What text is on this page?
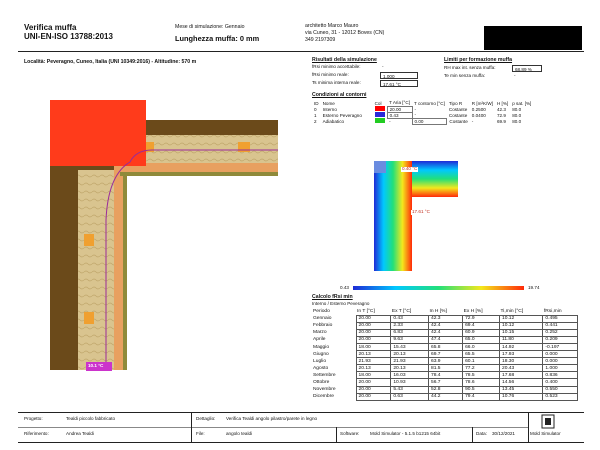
Verifica muffa
UNI-EN-ISO 13788:2013
Mese di simulazione: Gennaio
Lunghezza muffa: 0 mm
architetto Marco Mauro
via Cuneo, 31 - 12012 Boves (CN)
349 2197309
Località: Peveragno, Cuneo, Italia (UNI 10349:2016) - Altitudine: 570 m	Risultati della simulazione
fRsi minimo accettabile:	-
fRsi minimo reale:	1.000
Ts minima interna reale:	17.61 °C
Limiti per formazione muffa
RH max int. senza muffa:	68.89 %
Te min senza muffa:	-
Condizioni al contorni
ID	Nome	Col	T Aria [°C]	T contorno [°C]	Tipo R	R [m²K/W]	H [%]	p sat. [%]
0	Interno		20.00	-	Costante	0.2500	42.3	80.0
1	Esterno Peveragno		0.43	-	Costante	0.0400	72.9	80.0
2	Adiabatico		-	0.00	Costante	-	69.9	80.0
10.1 °C
0.40 °C
17.61 °C
0.43	19.74
Calcolo fRsi min
Interno / Esterno Peveragno
Periodo	In T [°C]	Ex T [°C]	In H [%]	Ex H [%]	Ti,min [°C]	fRsi,min
Gennaio	20.00	0.43	42.3	72.9	10.12	0.495
Febbraio	20.00	2.33	42.4	69.4	10.12	0.441
Marzo	20.00	6.83	42.4	60.9	10.15	0.252
Aprile	20.00	9.63	47.4	65.0	11.80	0.209
Maggio	18.00	15.43	65.8	66.0	14.92	-0.197
Giugno	20.13	20.13	69.7	65.5	17.93	0.000
Luglio	21.93	21.93	63.9	60.1	18.30	0.000
Agosto	20.13	20.13	81.5	77.2	20.43	1.000
Settembre	18.00	16.03	78.4	78.5	17.68	0.836
Ottobre	20.00	10.93	56.7	78.6	14.56	0.400
Novembre	20.00	5.43	52.8	90.5	13.45	0.550
Dicembre	20.00	0.63	44.2	79.4	10.76	0.523
Progetto:	Tealdi piccolo fabbricato	Dettaglio: Verifica Tealdi angolo pilastro/parete in legno
Riferimento:	Andrea Tealdi	File:	angolo tealdi	Software: Mold Simulator - 5.1.5 b1215 64bit	Data: 30/12/2021	Mold Simulator
